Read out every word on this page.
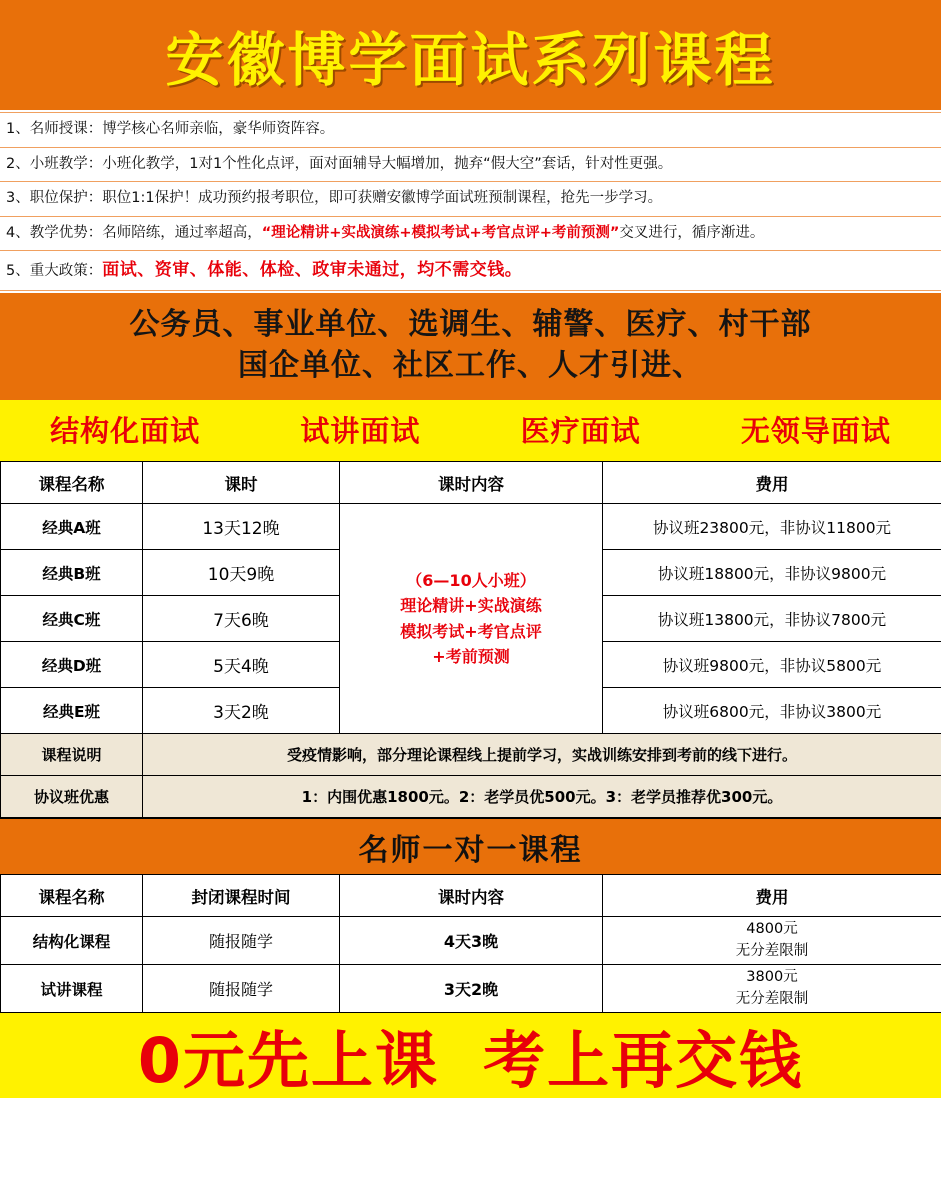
安徽博学面试系列课程
1、名师授课：博学核心名师亲临，豪华师资阵容。
2、小班教学：小班化教学，1对1个性化点评，面对面辅导大幅增加，抛弃“假大空”套话，针对性更强。
3、职位保护：职位1:1保护！成功预约报考职位，即可获赠安徽博学面试班预制课程，抢先一步学习。
4、教学优势：名师陪练，通过率超高，“理论精讲+实战演练+模拟考试+考官点评+考前预测”交叉进行，循序渐进。
5、重大政策：面试、资审、体能、体检、政审未通过，均不需交钱。
公务员、事业单位、选调生、辅警、医疗、村干部
国企单位、社区工作、人才引进、
结构化面试	试讲面试	医疗面试	无领导面试
课程名称	课时	课时内容	费用
经典A班	13天12晚	（6—10人小班）
理论精讲+实战演练
模拟考试+考官点评
+考前预测	协议班23800元，非协议11800元
经典B班	10天9晚		协议班18800元，非协议9800元
经典C班	7天6晚		协议班13800元，非协议7800元
经典D班	5天4晚		协议班9800元，非协议5800元
经典E班	3天2晚		协议班6800元，非协议3800元
课程说明	受疫情影响，部分理论课程线上提前学习，实战训练安排到考前的线下进行。		
协议班优惠	1：内围优惠1800元。2：老学员优500元。3：老学员推荐优300元。		
名师一对一课程
课程名称	封闭课程时间	课时内容	费用
结构化课程	随报随学	4天3晚	4800元
无分差限制

试讲课程	随报随学	3天2晚	3800元
无分差限制
0元先上课 考上再交钱
